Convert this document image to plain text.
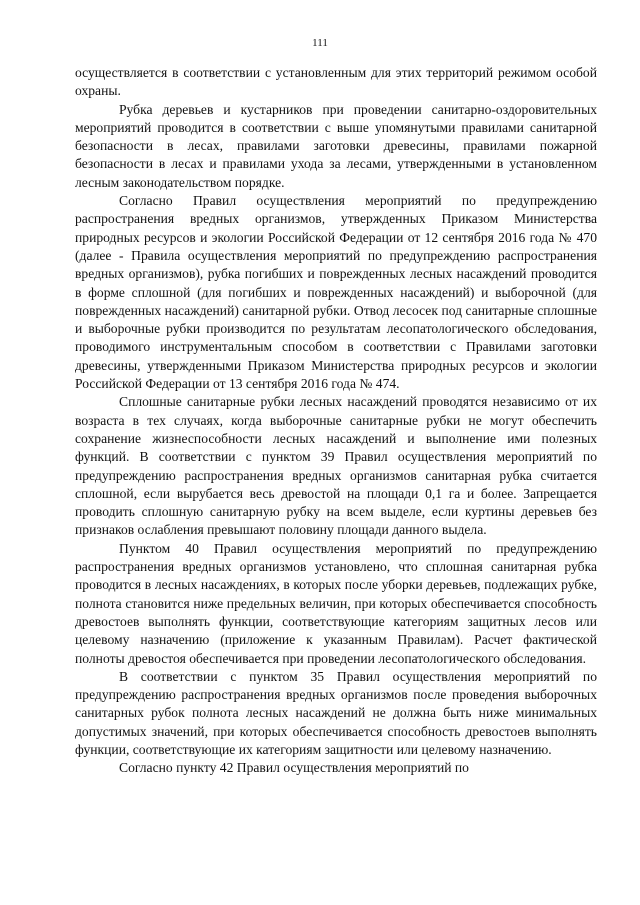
111

осуществляется в соответствии с установленным для этих территорий режимом особой охраны.

Рубка деревьев и кустарников при проведении санитарно-оздоровительных мероприятий проводится в соответствии с выше упомянутыми правилами санитарной безопасности в лесах, правилами заготовки древесины, правилами пожарной безопасности в лесах и правилами ухода за лесами, утвержденными в установленном лесным законодательством порядке.

Согласно Правил осуществления мероприятий по предупреждению распространения вредных организмов, утвержденных Приказом Министерства природных ресурсов и экологии Российской Федерации от 12 сентября 2016 года № 470 (далее - Правила осуществления мероприятий по предупреждению распространения вредных организмов), рубка погибших и поврежденных лесных насаждений проводится в форме сплошной (для погибших и поврежденных насаждений) и выборочной (для поврежденных насаждений) санитарной рубки. Отвод лесосек под санитарные сплошные и выборочные рубки производится по результатам лесопатологического обследования, проводимого инструментальным способом в соответствии с Правилами заготовки древесины, утвержденными Приказом Министерства природных ресурсов и экологии Российской Федерации от 13 сентября 2016 года № 474.

Сплошные санитарные рубки лесных насаждений проводятся независимо от их возраста в тех случаях, когда выборочные санитарные рубки не могут обеспечить сохранение жизнеспособности лесных насаждений и выполнение ими полезных функций. В соответствии с пунктом 39 Правил осуществления мероприятий по предупреждению распространения вредных организмов санитарная рубка считается сплошной, если вырубается весь древостой на площади 0,1 га и более. Запрещается проводить сплошную санитарную рубку на всем выделе, если куртины деревьев без признаков ослабления превышают половину площади данного выдела.

Пунктом 40 Правил осуществления мероприятий по предупреждению распространения вредных организмов установлено, что сплошная санитарная рубка проводится в лесных насаждениях, в которых после уборки деревьев, подлежащих рубке, полнота становится ниже предельных величин, при которых обеспечивается способность древостоев выполнять функции, соответствующие категориям защитных лесов или целевому назначению (приложение к указанным Правилам). Расчет фактической полноты древостоя обеспечивается при проведении лесопатологического обследования.

В соответствии с пунктом 35 Правил осуществления мероприятий по предупреждению распространения вредных организмов после проведения выборочных санитарных рубок полнота лесных насаждений не должна быть ниже минимальных допустимых значений, при которых обеспечивается способность древостоев выполнять функции, соответствующие их категориям защитности или целевому назначению.

Согласно пункту 42 Правил осуществления мероприятий по
